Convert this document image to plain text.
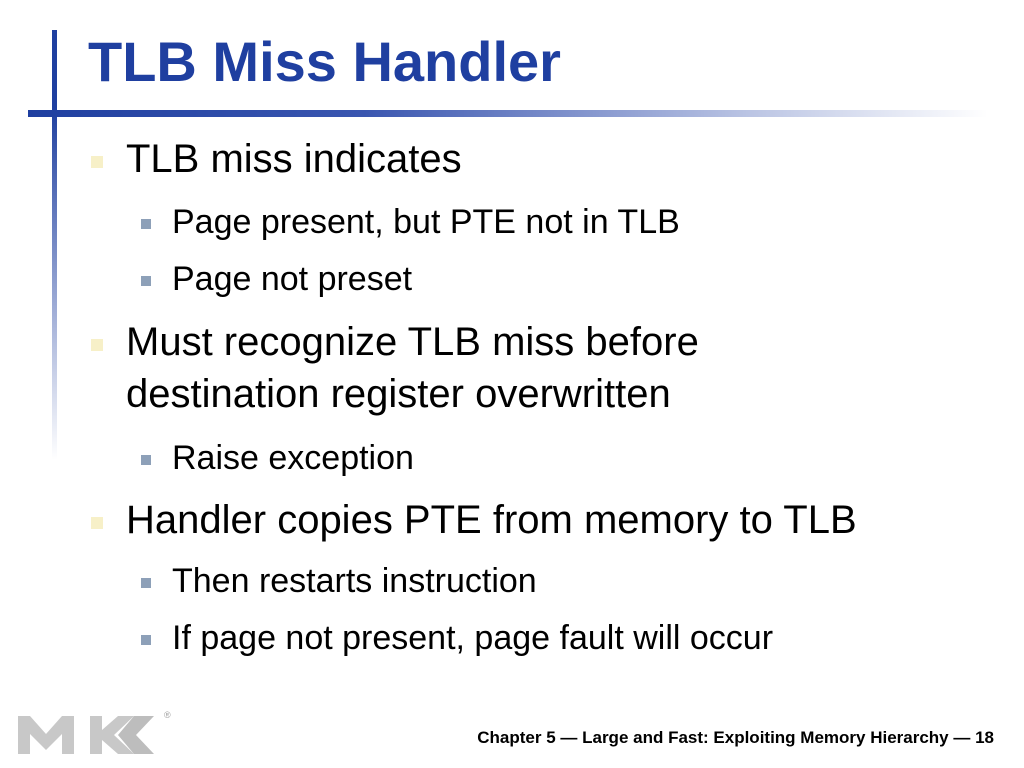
TLB Miss Handler

TLB miss indicates

Page present, but PTE not in TLB

Page not preset

Must recognize TLB miss before

destination register overwritten

Raise exception

Handler copies PTE from memory to TLB

Then restarts instruction

If page not present, page fault will occur

®
Chapter 5 — Large and Fast: Exploiting Memory Hierarchy — 18
